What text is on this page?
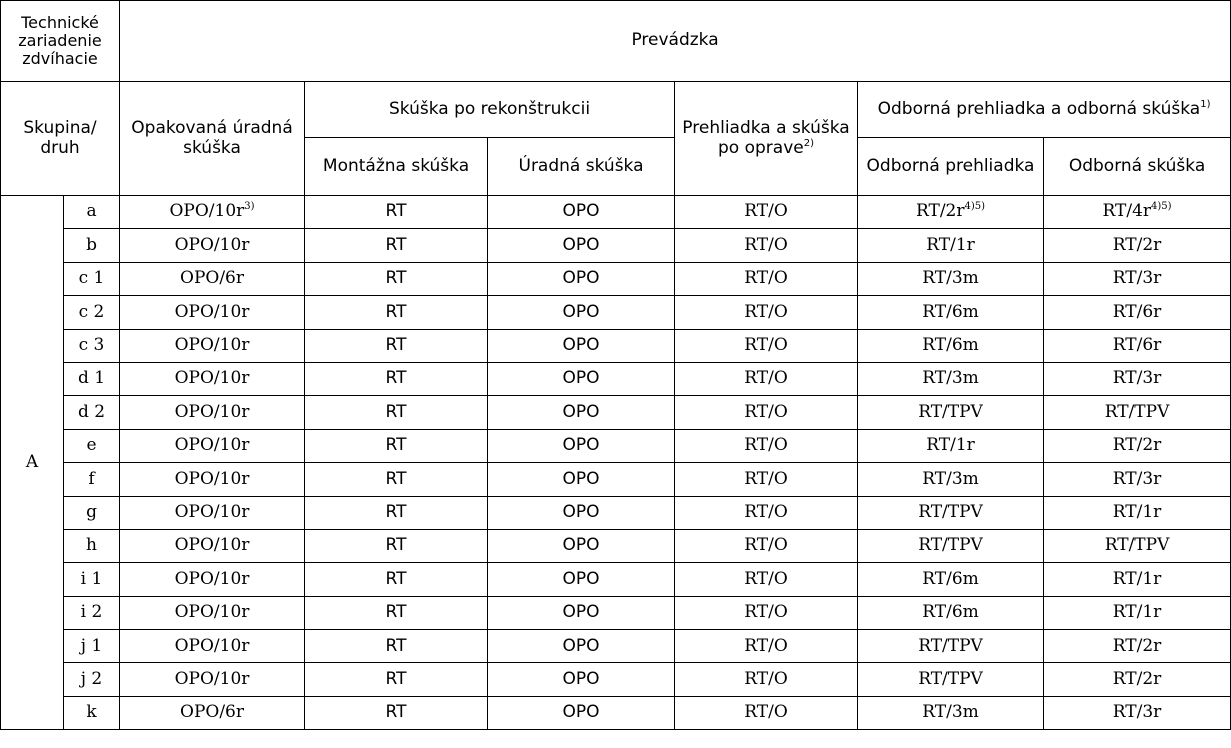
Technické zariadenie zdvíhacie		Prevádzka					
Skupina/ druh		Opakovaná úradná skúška	Skúška po rekonštrukcii		Prehliadka a skúška po oprave$^{2)}$	Odborná prehliadka a odborná skúška$^{1)}$
			Montážna skúška	Úradná skúška		Odborná prehliadka	Odborná skúška
A	a	OPO/$10r^{3)}$	RT	OPO	RT/O	$RT/2r^{4)5)}$	$RT/4r^{4)5)}$
	b	OPO/10r	RT	OPO	RT/O	RT/1r	RT/2r
	c 1	OPO/6r	RT	OPO	RT/O	RT/3m	RT/3r
	c 2	OPO/10r	RT	OPO	RT/O	RT/6m	RT/6r
	c 3	OPO/10r	RT	OPO	RT/O	RT/6m	RT/6r
	d 1	OPO/10r	RT	OPO	RT/O	RT/3m	RT/3r
	d 2	OPO/10r	RT	OPO	RT/O	RT/TPV	RT/TPV
	e	OPO/10r	RT	OPO	RT/O	RT/1r	RT/2r
	f	OPO/10r	RT	OPO	RT/O	RT/3m	RT/3r
	g	OPO/10r	RT	OPO	RT/O	RT/TPV	RT/1r
	h	OPO/10r	RT	OPO	RT/O	RT/TPV	RT/TPV
	i 1	OPO/10r	RT	OPO	RT/O	RT/6m	RT/1r
	i 2	OPO/10r	RT	OPO	RT/O	RT/6m	RT/1r
	j 1	OPO/10r	RT	OPO	RT/O	RT/TPV	RT/2r
	j 2	OPO/10r	RT	OPO	RT/O	RT/TPV	RT/2r
	k	OPO/6r	RT	OPO	RT/O	RT/3m	RT/3r
